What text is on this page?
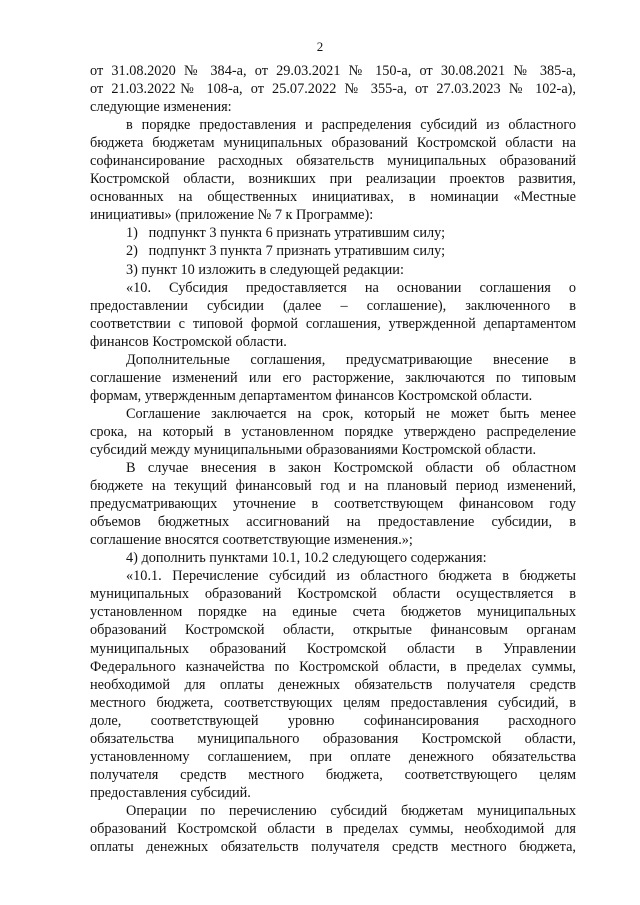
2
от 31.08.2020 № 384-а, от 29.03.2021 № 150-а, от 30.08.2021 № 385-а,
от 21.03.2022№ 108-а, от 25.07.2022 № 355-а, от 27.03.2023 № 102-а),
следующие изменения:
в порядке предоставления и распределения субсидий из областного
бюджета бюджетам муниципальных образований Костромской области на
софинансирование расходных обязательств муниципальных образований
Костромской области, возникших при реализации проектов развития,
основанных на общественных инициативах, в номинации «Местные
инициативы» (приложение № 7 к Программе):
1)   подпункт 3 пункта 6 признать утратившим силу;
2)   подпункт 3 пункта 7 признать утратившим силу;
3) пункт 10 изложить в следующей редакции:
«10. Субсидия предоставляется на основании соглашения о
предоставлении субсидии (далее – соглашение), заключенного в
соответствии с типовой формой соглашения, утвержденной департаментом
финансов Костромской области.
Дополнительные соглашения, предусматривающие внесение в
соглашение изменений или его расторжение, заключаются по типовым
формам, утвержденным департаментом финансов Костромской области.
Соглашение заключается на срок, который не может быть менее
срока, на который в установленном порядке утверждено распределение
субсидий между муниципальными образованиями Костромской области.
В случае внесения в закон Костромской области об областном
бюджете на текущий финансовый год и на плановый период изменений,
предусматривающих уточнение в соответствующем финансовом году
объемов бюджетных ассигнований на предоставление субсидии, в
соглашение вносятся соответствующие изменения.»;
4) дополнить пунктами 10.1, 10.2 следующего содержания:
«10.1. Перечисление субсидий из областного бюджета в бюджеты
муниципальных образований Костромской области осуществляется в
установленном порядке на единые счета бюджетов муниципальных
образований Костромской области, открытые финансовым органам
муниципальных образований Костромской области в Управлении
Федерального казначейства по Костромской области, в пределах суммы,
необходимой для оплаты денежных обязательств получателя средств
местного бюджета, соответствующих целям предоставления субсидий, в
доле, соответствующей уровню софинансирования расходного
обязательства муниципального образования Костромской области,
установленному соглашением, при оплате денежного обязательства
получателя средств местного бюджета, соответствующего целям
предоставления субсидий.
Операции по перечислению субсидий бюджетам муниципальных
образований Костромской области в пределах суммы, необходимой для
оплаты денежных обязательств получателя средств местного бюджета,
